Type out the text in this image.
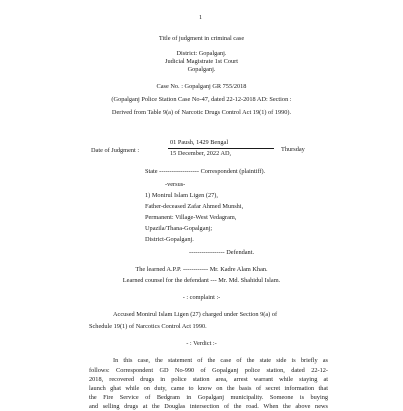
1
Title of judgment in criminal case
District: Gopalganj.
Judicial Magistrate 1st Court
Gopalganj.
Case No. : Gopalganj GR 755/2018
(Gopalganj Police Station Case No-47, dated 22-12-2018 AD: Section :
Derived from Table 9(a) of Narcotic Drugs Control Act 19(1) of 1990).
Date of Judgment :
01 Paush, 1429 Bengal
15 December, 2022 AD,
Thursday
State ------------------- Correspondent (plaintiff).
-versus-
1) Monirul Islam Ligen (27),
Father-deceased Zafar Ahmed Munshi,
Permanent: Village-West Vedagram,
Upazila/Thana-Gopalganj;
District-Gopalganj.
----------------- Defendant.
The learned A.P.P. ------------ Mr. Kadre Alam Khan.
Learned counsel for the defendant --- Mr. Md. Shahidul Islam.
- : complaint :-
Accused Monirul Islam Ligen (27) charged under Section 9(a) of
Schedule 19(1) of Narcotics Control Act 1990.
- : Verdict :-
In this case, the statement of the case of the state side is briefly as
follows: Correspondent GD No-990 of Gopalganj police station, dated 22-12-
2018, recovered drugs in police station area, arrest warrant while staying at
launch ghat while on duty, came to know on the basis of secret information that
the Fire Service of Bedgram in Gopalganj municipality. Someone is buying
and selling drugs at the Douglas intersection of the road. When the above news
